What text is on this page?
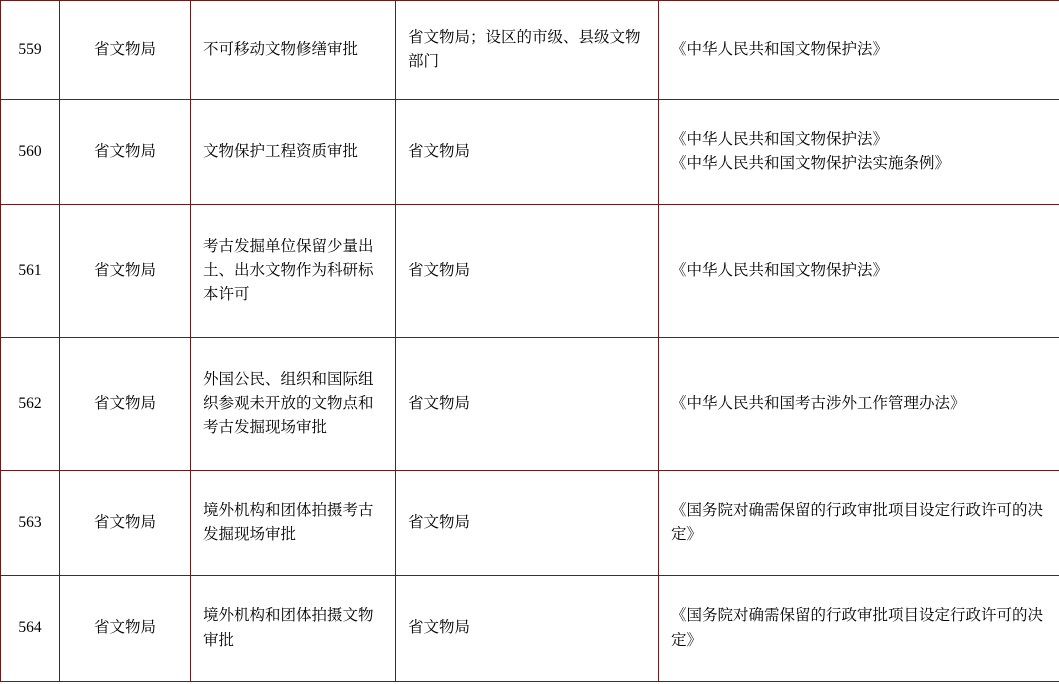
559	省文物局	不可移动文物修缮审批	省文物局；设区的市级、县级文物部门	《中华人民共和国文物保护法》

560	省文物局	文物保护工程资质审批	省文物局	《中华人民共和国文物保护法》
《中华人民共和国文物保护法实施条例》

561	省文物局	考古发掘单位保留少量出土、出水文物作为科研标本许可	省文物局	《中华人民共和国文物保护法》

562	省文物局	外国公民、组织和国际组织参观未开放的文物点和考古发掘现场审批	省文物局	《中华人民共和国考古涉外工作管理办法》

563	省文物局	境外机构和团体拍摄考古发掘现场审批	省文物局	《国务院对确需保留的行政审批项目设定行政许可的决定》

564	省文物局	境外机构和团体拍摄文物审批	省文物局	《国务院对确需保留的行政审批项目设定行政许可的决定》
